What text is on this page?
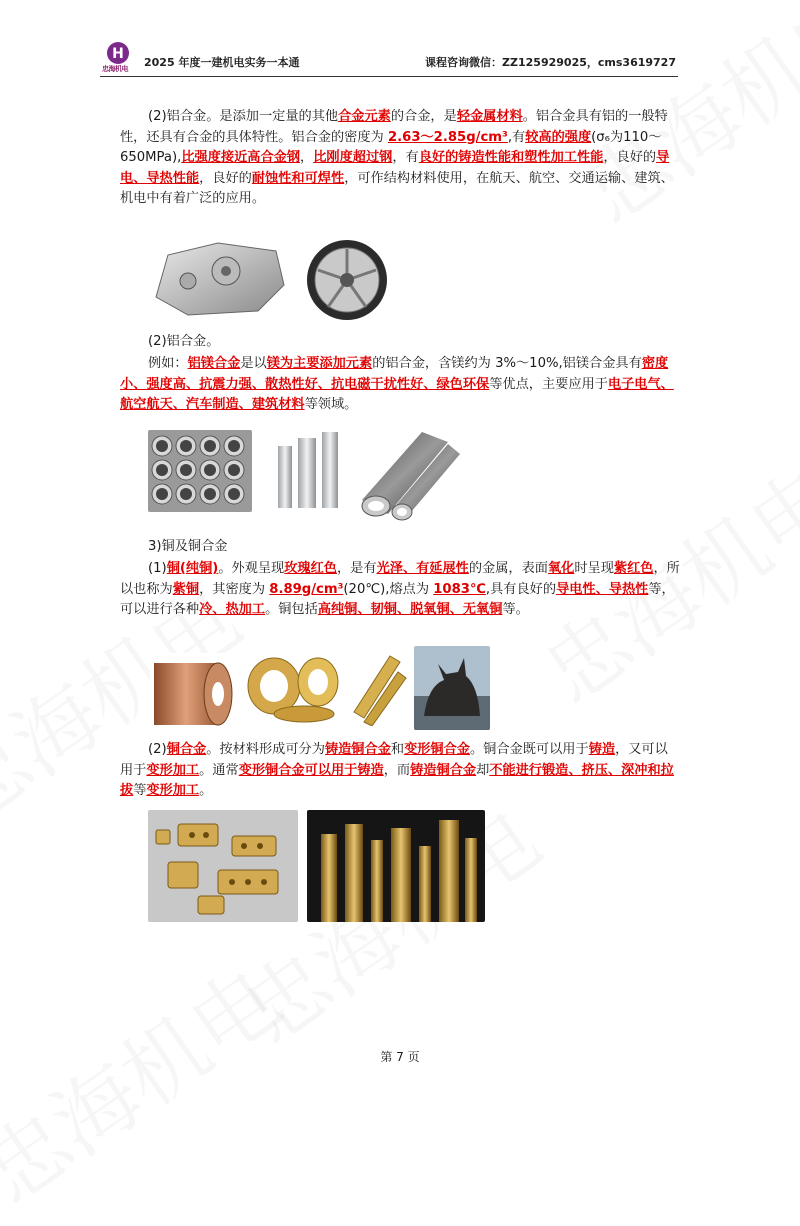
H
忠海机电 2025 年度一建机电实务一本通	课程咨询微信：ZZ125929025，cms3619727

(2)铝合金。是添加一定量的其他合金元素的合金，是轻金属材料。铝合金具有铝的一般特性，还具有合金的具体特性。铝合金的密度为 2.63～2.85g/cm³,有较高的强度(σ₆为110～650MPa),比强度接近高合金钢，比刚度超过钢，有良好的铸造性能和塑性加工性能，良好的导电、导热性能，良好的耐蚀性和可焊性，可作结构材料使用，在航天、航空、交通运输、建筑、机电中有着广泛的应用。

(2)铝合金。

例如：铝镁合金是以镁为主要添加元素的铝合金，含镁约为 3%～10%,铝镁合金具有密度小、强度高、抗震力强、散热性好、抗电磁干扰性好、绿色环保等优点，主要应用于电子电气、航空航天、汽车制造、建筑材料等领域。

3)铜及铜合金

(1)铜(纯铜)。外观呈现玫瑰红色，是有光泽、有延展性的金属，表面氧化时呈现紫红色，所以也称为紫铜，其密度为 8.89g/cm³(20℃),熔点为 1083℃,具有良好的导电性、导热性等，可以进行各种冷、热加工。铜包括高纯铜、韧铜、脱氧铜、无氧铜等。

(2)铜合金。按材料形成可分为铸造铜合金和变形铜合金。铜合金既可以用于铸造，又可以用于变形加工。通常变形铜合金可以用于铸造，而铸造铜合金却不能进行锻造、挤压、深冲和拉拔等变形加工。

第 7 页
